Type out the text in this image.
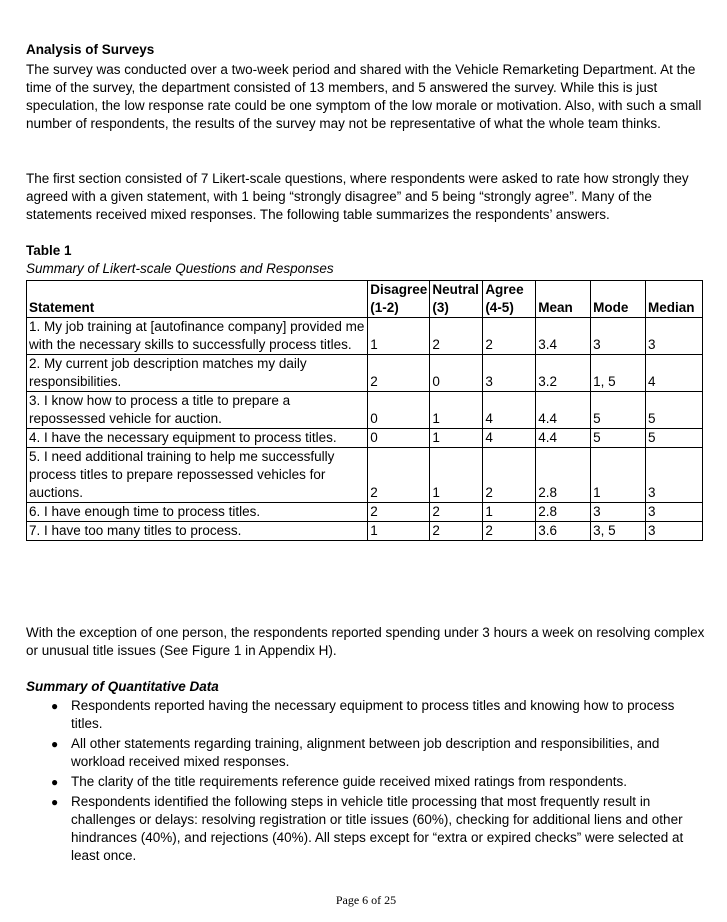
Analysis of Surveys

The survey was conducted over a two-week period and shared with the Vehicle Remarketing Department. At the time of the survey, the department consisted of 13 members, and 5 answered the survey. While this is just speculation, the low response rate could be one symptom of the low morale or motivation. Also, with such a small number of respondents, the results of the survey may not be representative of what the whole team thinks.

The first section consisted of 7 Likert-scale questions, where respondents were asked to rate how strongly they agreed with a given statement, with 1 being “strongly disagree” and 5 being “strongly agree”. Many of the statements received mixed responses. The following table summarizes the respondents’ answers.

Table 1
Summary of Likert-scale Questions and Responses
Statement	Disagree (1-2)	Neutral (3)	Agree (4-5)	Mean	Mode	Median
1. My job training at [autofinance company] provided me with the necessary skills to successfully process titles.	1	2	2	3.4	3	3
2. My current job description matches my daily responsibilities.	2	0	3	3.2	1, 5	4
3. I know how to process a title to prepare a repossessed vehicle for auction.	0	1	4	4.4	5	5
4. I have the necessary equipment to process titles.	0	1	4	4.4	5	5
5. I need additional training to help me successfully process titles to prepare repossessed vehicles for auctions.	2	1	2	2.8	1	3
6. I have enough time to process titles.	2	2	1	2.8	3	3
7. I have too many titles to process.	1	2	2	3.6	3, 5	3

With the exception of one person, the respondents reported spending under 3 hours a week on resolving complex or unusual title issues (See Figure 1 in Appendix H).

Summary of Quantitative Data
● Respondents reported having the necessary equipment to process titles and knowing how to process titles.
● All other statements regarding training, alignment between job description and responsibilities, and workload received mixed responses.
● The clarity of the title requirements reference guide received mixed ratings from respondents.
● Respondents identified the following steps in vehicle title processing that most frequently result in challenges or delays: resolving registration or title issues (60%), checking for additional liens and other hindrances (40%), and rejections (40%). All steps except for “extra or expired checks” were selected at least once.
Page 6 of 25
